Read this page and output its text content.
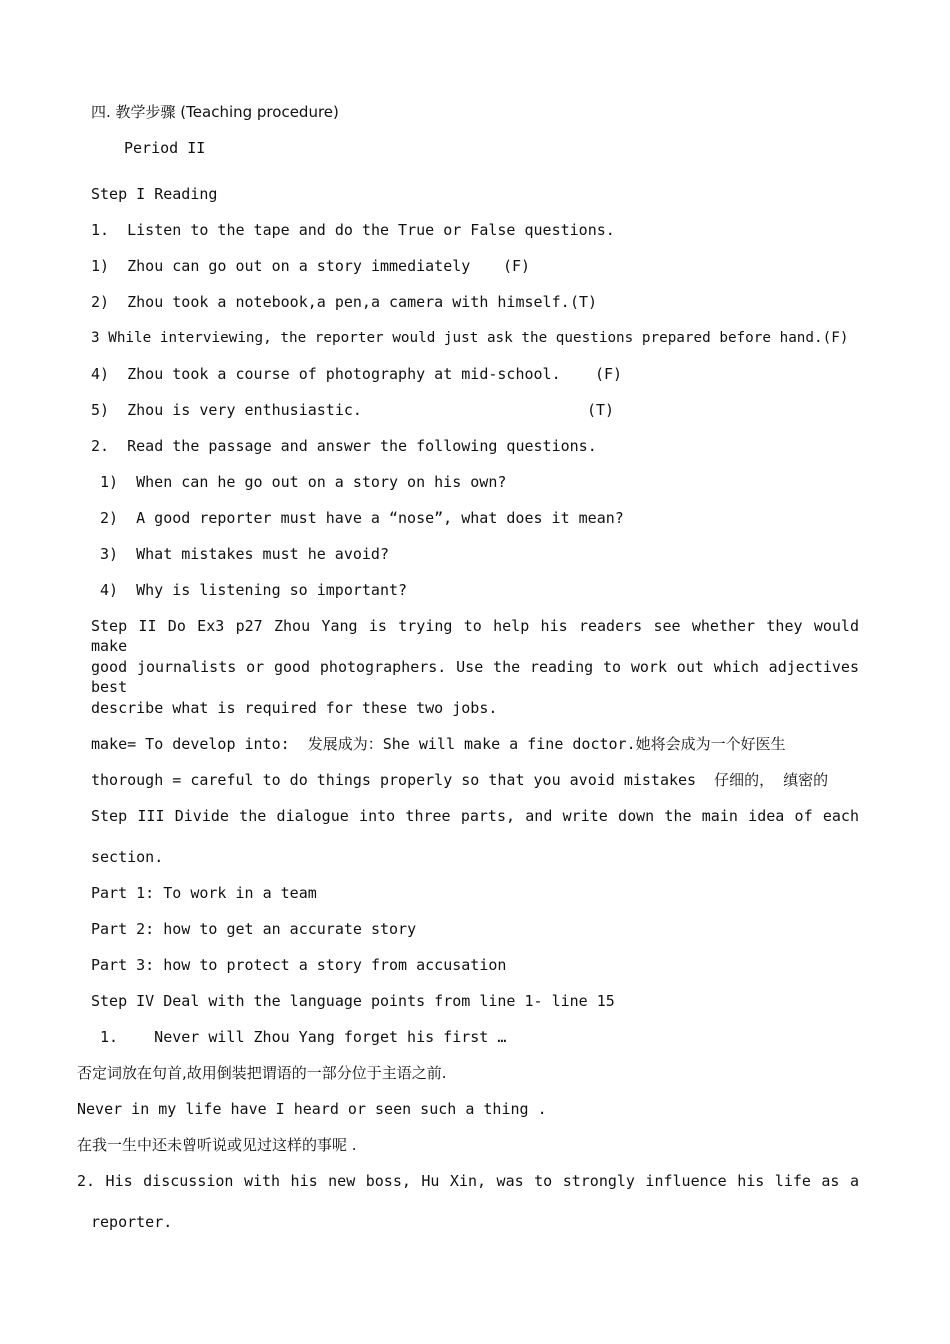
四. 教学步骤 (Teaching procedure)
Period II
Step I Reading
1.  Listen to the tape and do the True or False questions.
1)  Zhou can go out on a story immediately (F)
2)  Zhou took a notebook,a pen,a camera with himself. (T)
3 While interviewing, the reporter would just ask the questions prepared before hand.(F)
4)  Zhou took a course of photography at mid-school. (F)
5)  Zhou is very enthusiastic.	(T)
2.  Read the passage and answer the following questions.
1)  When can he go out on a story on his own?
2)  A good reporter must have a “nose”, what does it mean?
3)  What mistakes must he avoid?
4)  Why is listening so important?
Step II Do Ex3 p27 Zhou Yang is trying to help his readers see whether they would make
good journalists or good photographers. Use the reading to work out which adjectives best
describe what is required for these two jobs.
make= To develop into:  发展成为：She will make a fine doctor.她将会成为一个好医生
thorough = careful to do things properly so that you avoid mistakes  仔细的， 缜密的
Step III Divide the dialogue into three parts, and write down the main idea of each
section.
Part 1: To work in a team
Part 2: how to get an accurate story
Part 3: how to protect a story from accusation
Step IV Deal with the language points from line 1- line 15
1.    Never will Zhou Yang forget his first …
否定词放在句首,故用倒装把谓语的一部分位于主语之前.
Never in my life have I heard or seen such a thing .
在我一生中还未曾听说或见过这样的事呢 .
2. His discussion with his new boss, Hu Xin, was to strongly influence his life as a
reporter.
